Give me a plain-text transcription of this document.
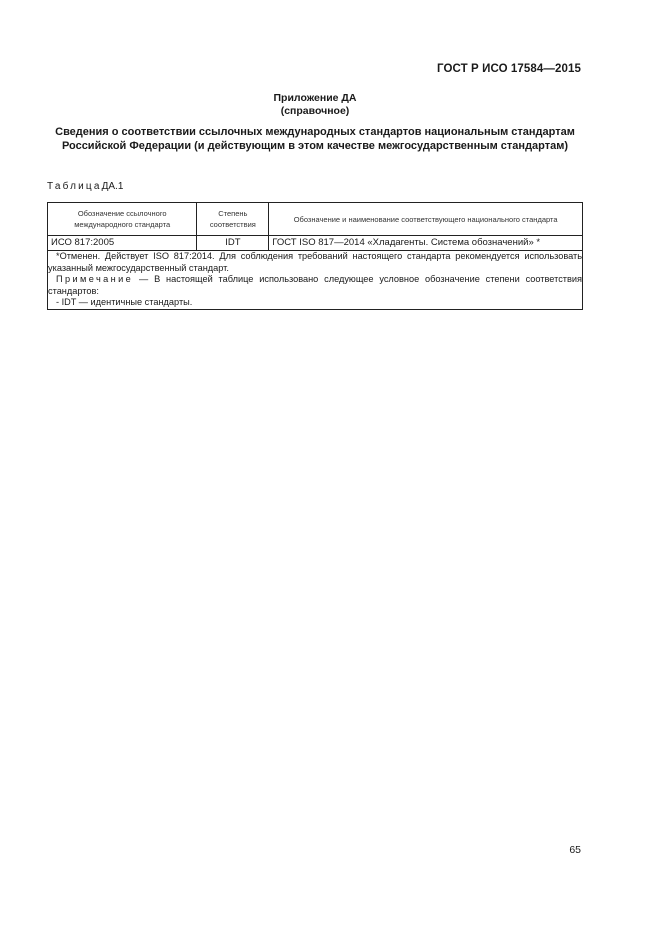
ГОСТ Р ИСО 17584—2015
Приложение ДА
(справочное)
Сведения о соответствии ссылочных международных стандартов национальным стандартам
Российской Федерации (и действующим в этом качестве межгосударственным стандартам)
ТаблицаДА.1
Обозначение ссылочного международного стандарта	Степень соответствия	Обозначение и наименование соответствующего национального стандарта
ИСО 817:2005	IDT	ГОСТ ISO 817—2014 «Хладагенты. Система обозначений» *

*Отменен. Действует ISO 817:2014. Для соблюдения требований настоящего стандарта рекомендуется использовать указанный межгосударственный стандарт.

Примечание — В настоящей таблице использовано следующее условное обозначение степени соответствия стандартов:

- IDT — идентичные стандарты.		

65
